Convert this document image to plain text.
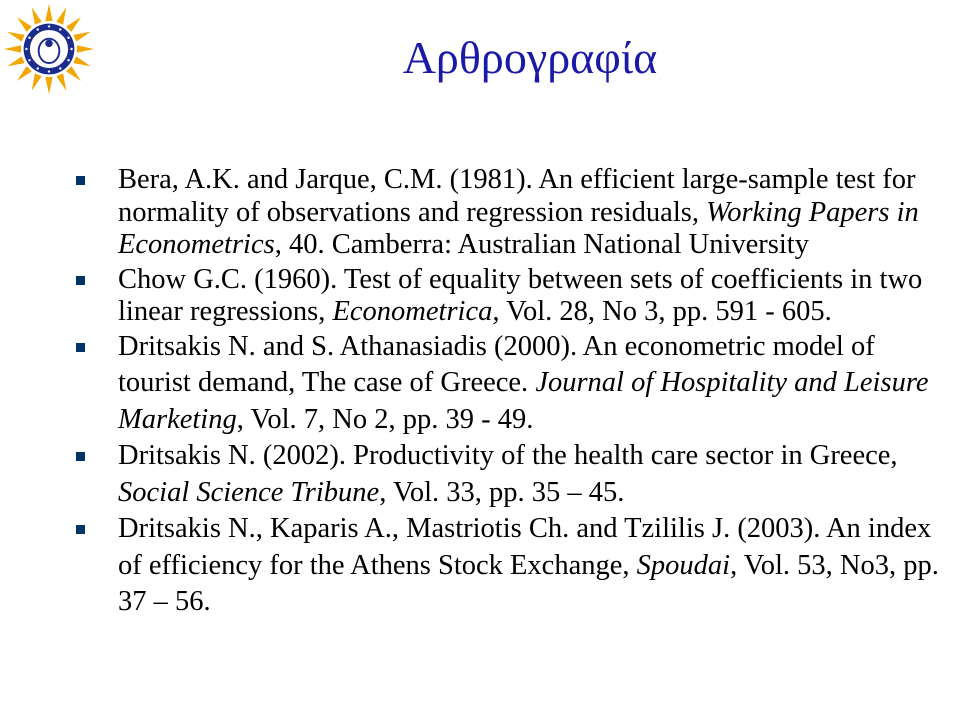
Αρθρογραφία
Bera, A.K. and Jarque, C.M. (1981). An efficient large-sample test for normality of observations and regression residuals, Working Papers in Econometrics, 40. Camberra: Australian National University
Chow G.C. (1960). Test of equality between sets of coefficients in two linear regressions, Econometrica, Vol. 28, No 3, pp. 591 - 605.
Dritsakis N. and S. Athanasiadis (2000). An econometric model of tourist demand, The case of Greece. Journal of Hospitality and Leisure Marketing, Vol. 7, No 2, pp. 39 - 49.
Dritsakis N. (2002). Productivity of the health care sector in Greece, Social Science Tribune, Vol. 33, pp. 35 – 45.
Dritsakis N., Kaparis A., Mastriotis Ch. and Tzililis J. (2003). An index of efficiency for the Athens Stock Exchange, Spoudai, Vol. 53, No3, pp. 37 – 56.
